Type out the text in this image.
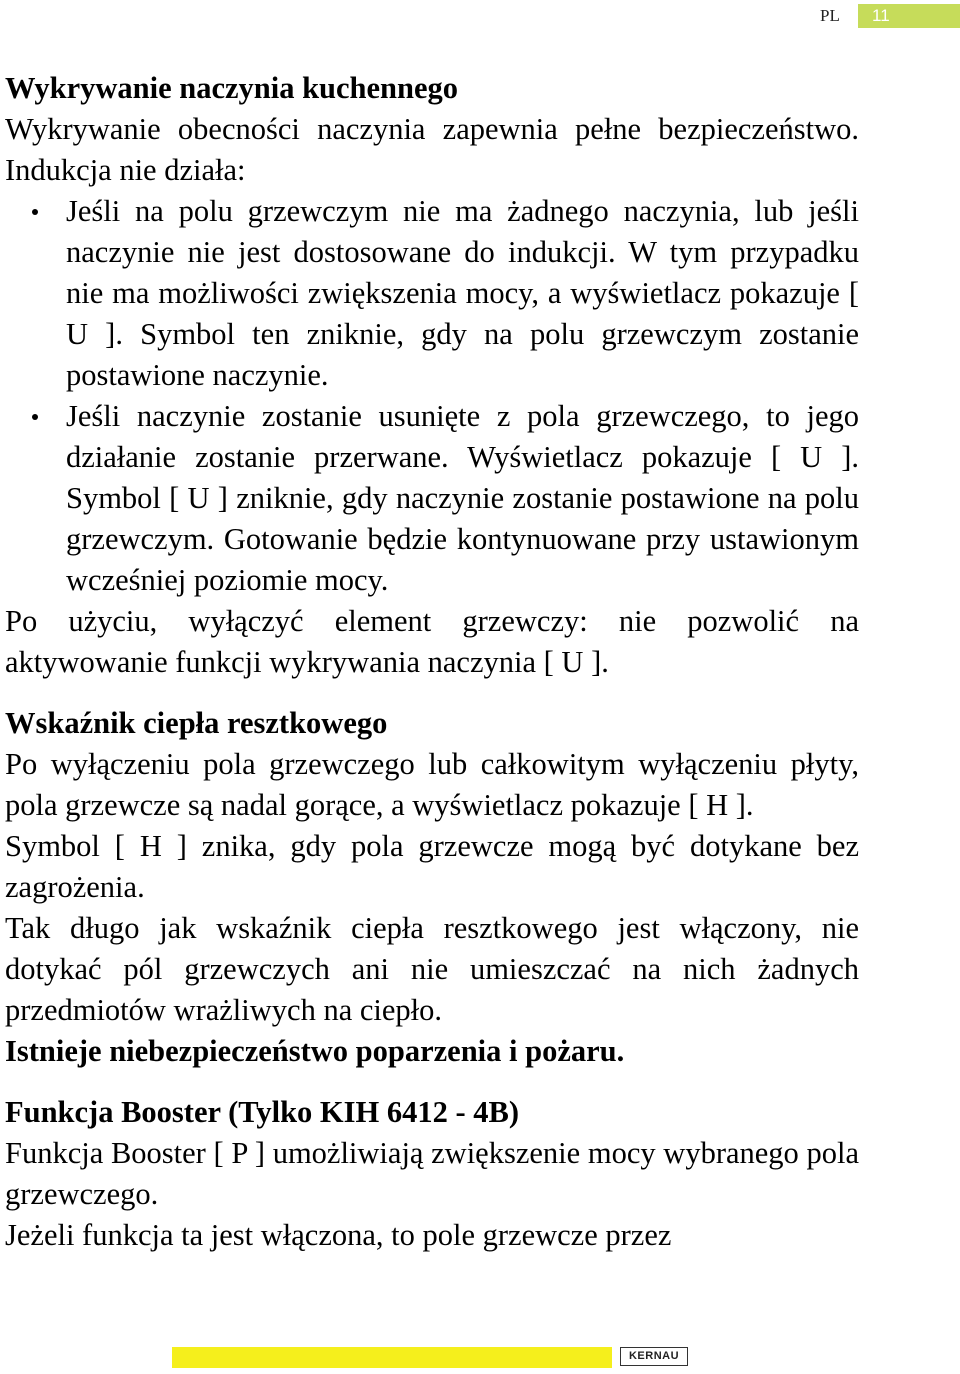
PL	11
Wykrywanie naczynia kuchennego

Wykrywanie obecności naczynia zapewnia pełne bezpieczeństwo. Indukcja nie działa:

Jeśli na polu grzewczym nie ma żadnego naczynia, lub jeśli naczynie nie jest dostosowane do indukcji. W tym przypadku nie ma możliwości zwiększenia mocy, a wyświetlacz pokazuje [ U ]. Symbol ten zniknie, gdy na polu grzewczym zostanie postawione naczynie.
Jeśli naczynie zostanie usunięte z pola grzewczego, to jego działanie zostanie przerwane. Wyświetlacz pokazuje [ U ]. Symbol [ U ] zniknie, gdy naczynie zostanie postawione na polu grzewczym. Gotowanie będzie kontynuowane przy ustawionym wcześniej poziomie mocy.

Po użyciu, wyłączyć element grzewczy: nie pozwolić na aktywowanie funkcji wykrywania naczynia [ U ].

Wskaźnik ciepła resztkowego

Po wyłączeniu pola grzewczego lub całkowitym wyłączeniu płyty, pola grzewcze są nadal gorące, a wyświetlacz pokazuje [ H ].

Symbol [ H ] znika, gdy pola grzewcze mogą być dotykane bez zagrożenia.

Tak długo jak wskaźnik ciepła resztkowego jest włączony, nie dotykać pól grzewczych ani nie umieszczać na nich żadnych przedmiotów wrażliwych na ciepło.

Istnieje niebezpieczeństwo poparzenia i pożaru.

Funkcja Booster (Tylko KIH 6412 - 4B)

Funkcja Booster [ P ] umożliwiają zwiększenie mocy wybranego pola grzewczego.

Jeżeli funkcja ta jest włączona, to pole grzewcze przez

KERNAU
